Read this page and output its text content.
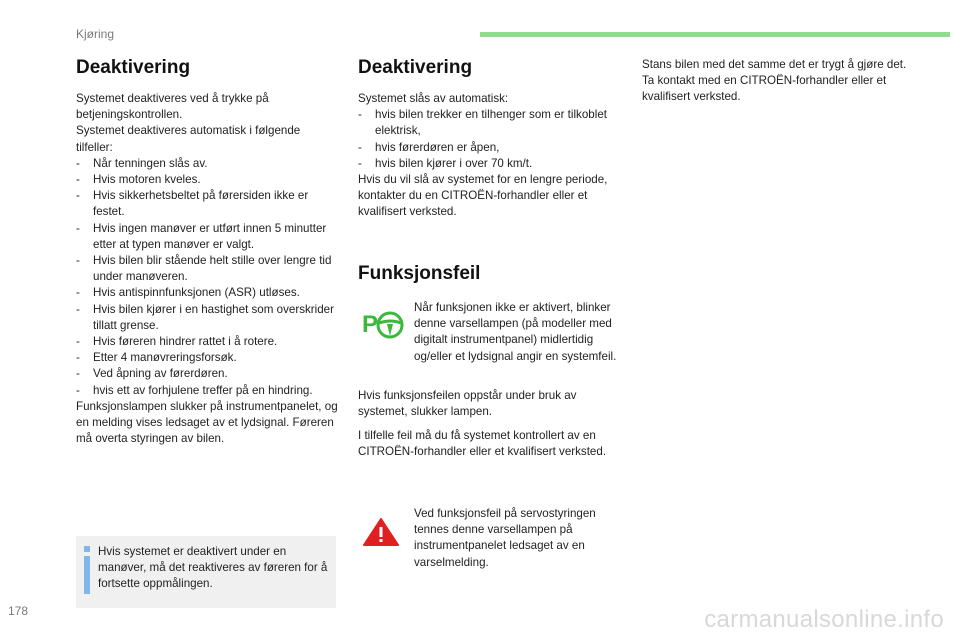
Kjøring
Deaktivering

Systemet deaktiveres ved å trykke på betjeningskontrollen.

Systemet deaktiveres automatisk i følgende tilfeller:

- Når tenningen slås av.
- Hvis motoren kveles.
- Hvis sikkerhetsbeltet på førersiden ikke er festet.
- Hvis ingen manøver er utført innen 5 minutter etter at typen manøver er valgt.
- Hvis bilen blir stående helt stille over lengre tid under manøveren.
- Hvis antispinnfunksjonen (ASR) utløses.
- Hvis bilen kjører i en hastighet som overskrider tillatt grense.
- Hvis føreren hindrer rattet i å rotere.
- Etter 4 manøvreringsforsøk.
- Ved åpning av førerdøren.
- hvis ett av forhjulene treffer på en hindring.

Funksjonslampen slukker på instrumentpanelet, og en melding vises ledsaget av et lydsignal. Føreren må overta styringen av bilen.

Hvis systemet er deaktivert under en manøver, må det reaktiveres av føreren for å fortsette oppmålingen.
Deaktivering

Systemet slås av automatisk:

- hvis bilen trekker en tilhenger som er tilkoblet elektrisk,
- hvis førerdøren er åpen,
- hvis bilen kjører i over 70 km/t.

Hvis du vil slå av systemet for en lengre periode, kontakter du en CITROËN-forhandler eller et kvalifisert verksted.

Funksjonsfeil
P

Når funksjonen ikke er aktivert, blinker denne varsellampen (på modeller med digitalt instrumentpanel) midlertidig og/eller et lydsignal angir en systemfeil.

Hvis funksjonsfeilen oppstår under bruk av systemet, slukker lampen.

I tilfelle feil må du få systemet kontrollert av en CITROËN-forhandler eller et kvalifisert verksted.

Ved funksjonsfeil på servostyringen tennes denne varsellampen på instrumentpanelet ledsaget av en varselmelding.

Stans bilen med det samme det er trygt å gjøre det. Ta kontakt med en CITROËN-forhandler eller et kvalifisert verksted.

178	carmanualsonline.info
